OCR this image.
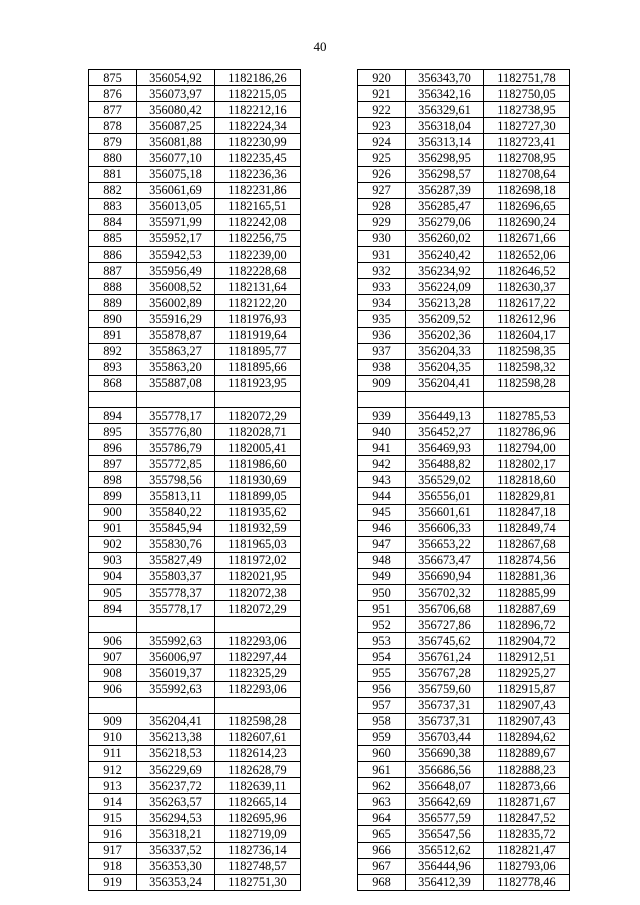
40
875	356054,92	1182186,26
876	356073,97	1182215,05
877	356080,42	1182212,16
878	356087,25	1182224,34
879	356081,88	1182230,99
880	356077,10	1182235,45
881	356075,18	1182236,36
882	356061,69	1182231,86
883	356013,05	1182165,51
884	355971,99	1182242,08
885	355952,17	1182256,75
886	355942,53	1182239,00
887	355956,49	1182228,68
888	356008,52	1182131,64
889	356002,89	1182122,20
890	355916,29	1181976,93
891	355878,87	1181919,64
892	355863,27	1181895,77
893	355863,20	1181895,66
868	355887,08	1181923,95

894	355778,17	1182072,29
895	355776,80	1182028,71
896	355786,79	1182005,41
897	355772,85	1181986,60
898	355798,56	1181930,69
899	355813,11	1181899,05
900	355840,22	1181935,62
901	355845,94	1181932,59
902	355830,76	1181965,03
903	355827,49	1181972,02
904	355803,37	1182021,95
905	355778,37	1182072,38
894	355778,17	1182072,29

906	355992,63	1182293,06
907	356006,97	1182297,44
908	356019,37	1182325,29
906	355992,63	1182293,06

909	356204,41	1182598,28
910	356213,38	1182607,61
911	356218,53	1182614,23
912	356229,69	1182628,79
913	356237,72	1182639,11
914	356263,57	1182665,14
915	356294,53	1182695,96
916	356318,21	1182719,09
917	356337,52	1182736,14
918	356353,30	1182748,57
919	356353,24	1182751,30
920	356343,70	1182751,78
921	356342,16	1182750,05
922	356329,61	1182738,95
923	356318,04	1182727,30
924	356313,14	1182723,41
925	356298,95	1182708,95
926	356298,57	1182708,64
927	356287,39	1182698,18
928	356285,47	1182696,65
929	356279,06	1182690,24
930	356260,02	1182671,66
931	356240,42	1182652,06
932	356234,92	1182646,52
933	356224,09	1182630,37
934	356213,28	1182617,22
935	356209,52	1182612,96
936	356202,36	1182604,17
937	356204,33	1182598,35
938	356204,35	1182598,32
909	356204,41	1182598,28

939	356449,13	1182785,53
940	356452,27	1182786,96
941	356469,93	1182794,00
942	356488,82	1182802,17
943	356529,02	1182818,60
944	356556,01	1182829,81
945	356601,61	1182847,18
946	356606,33	1182849,74
947	356653,22	1182867,68
948	356673,47	1182874,56
949	356690,94	1182881,36
950	356702,32	1182885,99
951	356706,68	1182887,69
952	356727,86	1182896,72
953	356745,62	1182904,72
954	356761,24	1182912,51
955	356767,28	1182925,27
956	356759,60	1182915,87
957	356737,31	1182907,43
958	356737,31	1182907,43
959	356703,44	1182894,62
960	356690,38	1182889,67
961	356686,56	1182888,23
962	356648,07	1182873,66
963	356642,69	1182871,67
964	356577,59	1182847,52
965	356547,56	1182835,72
966	356512,62	1182821,47
967	356444,96	1182793,06
968	356412,39	1182778,46
